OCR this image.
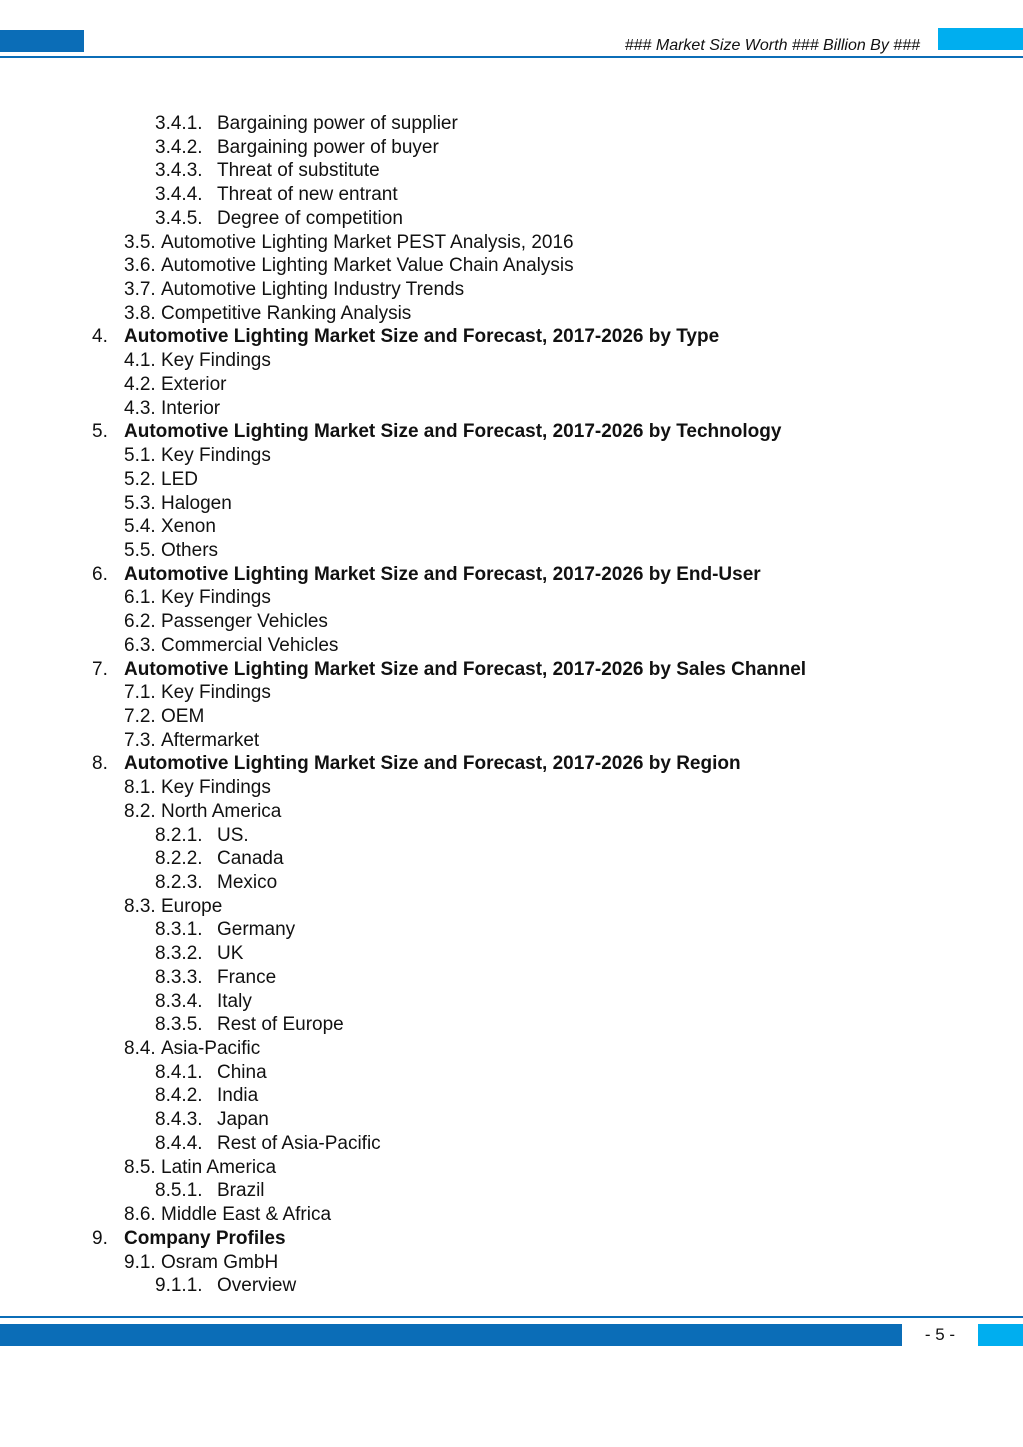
### Market Size Worth ### Billion By ###
3.4.1. Bargaining power of supplier
3.4.2. Bargaining power of buyer
3.4.3. Threat of substitute
3.4.4. Threat of new entrant
3.4.5. Degree of competition
3.5. Automotive Lighting Market PEST Analysis, 2016
3.6. Automotive Lighting Market Value Chain Analysis
3.7. Automotive Lighting Industry Trends
3.8. Competitive Ranking Analysis
4. Automotive Lighting Market Size and Forecast, 2017-2026 by Type
4.1. Key Findings
4.2. Exterior
4.3. Interior
5. Automotive Lighting Market Size and Forecast, 2017-2026 by Technology
5.1. Key Findings
5.2. LED
5.3. Halogen
5.4. Xenon
5.5. Others
6. Automotive Lighting Market Size and Forecast, 2017-2026 by End-User
6.1. Key Findings
6.2. Passenger Vehicles
6.3. Commercial Vehicles
7. Automotive Lighting Market Size and Forecast, 2017-2026 by Sales Channel
7.1. Key Findings
7.2. OEM
7.3. Aftermarket
8. Automotive Lighting Market Size and Forecast, 2017-2026 by Region
8.1. Key Findings
8.2. North America
8.2.1. US.
8.2.2. Canada
8.2.3. Mexico
8.3. Europe
8.3.1. Germany
8.3.2. UK
8.3.3. France
8.3.4. Italy
8.3.5. Rest of Europe
8.4. Asia-Pacific
8.4.1. China
8.4.2. India
8.4.3. Japan
8.4.4. Rest of Asia-Pacific
8.5. Latin America
8.5.1. Brazil
8.6. Middle East & Africa
9. Company Profiles
9.1. Osram GmbH
9.1.1. Overview
- 5 -
